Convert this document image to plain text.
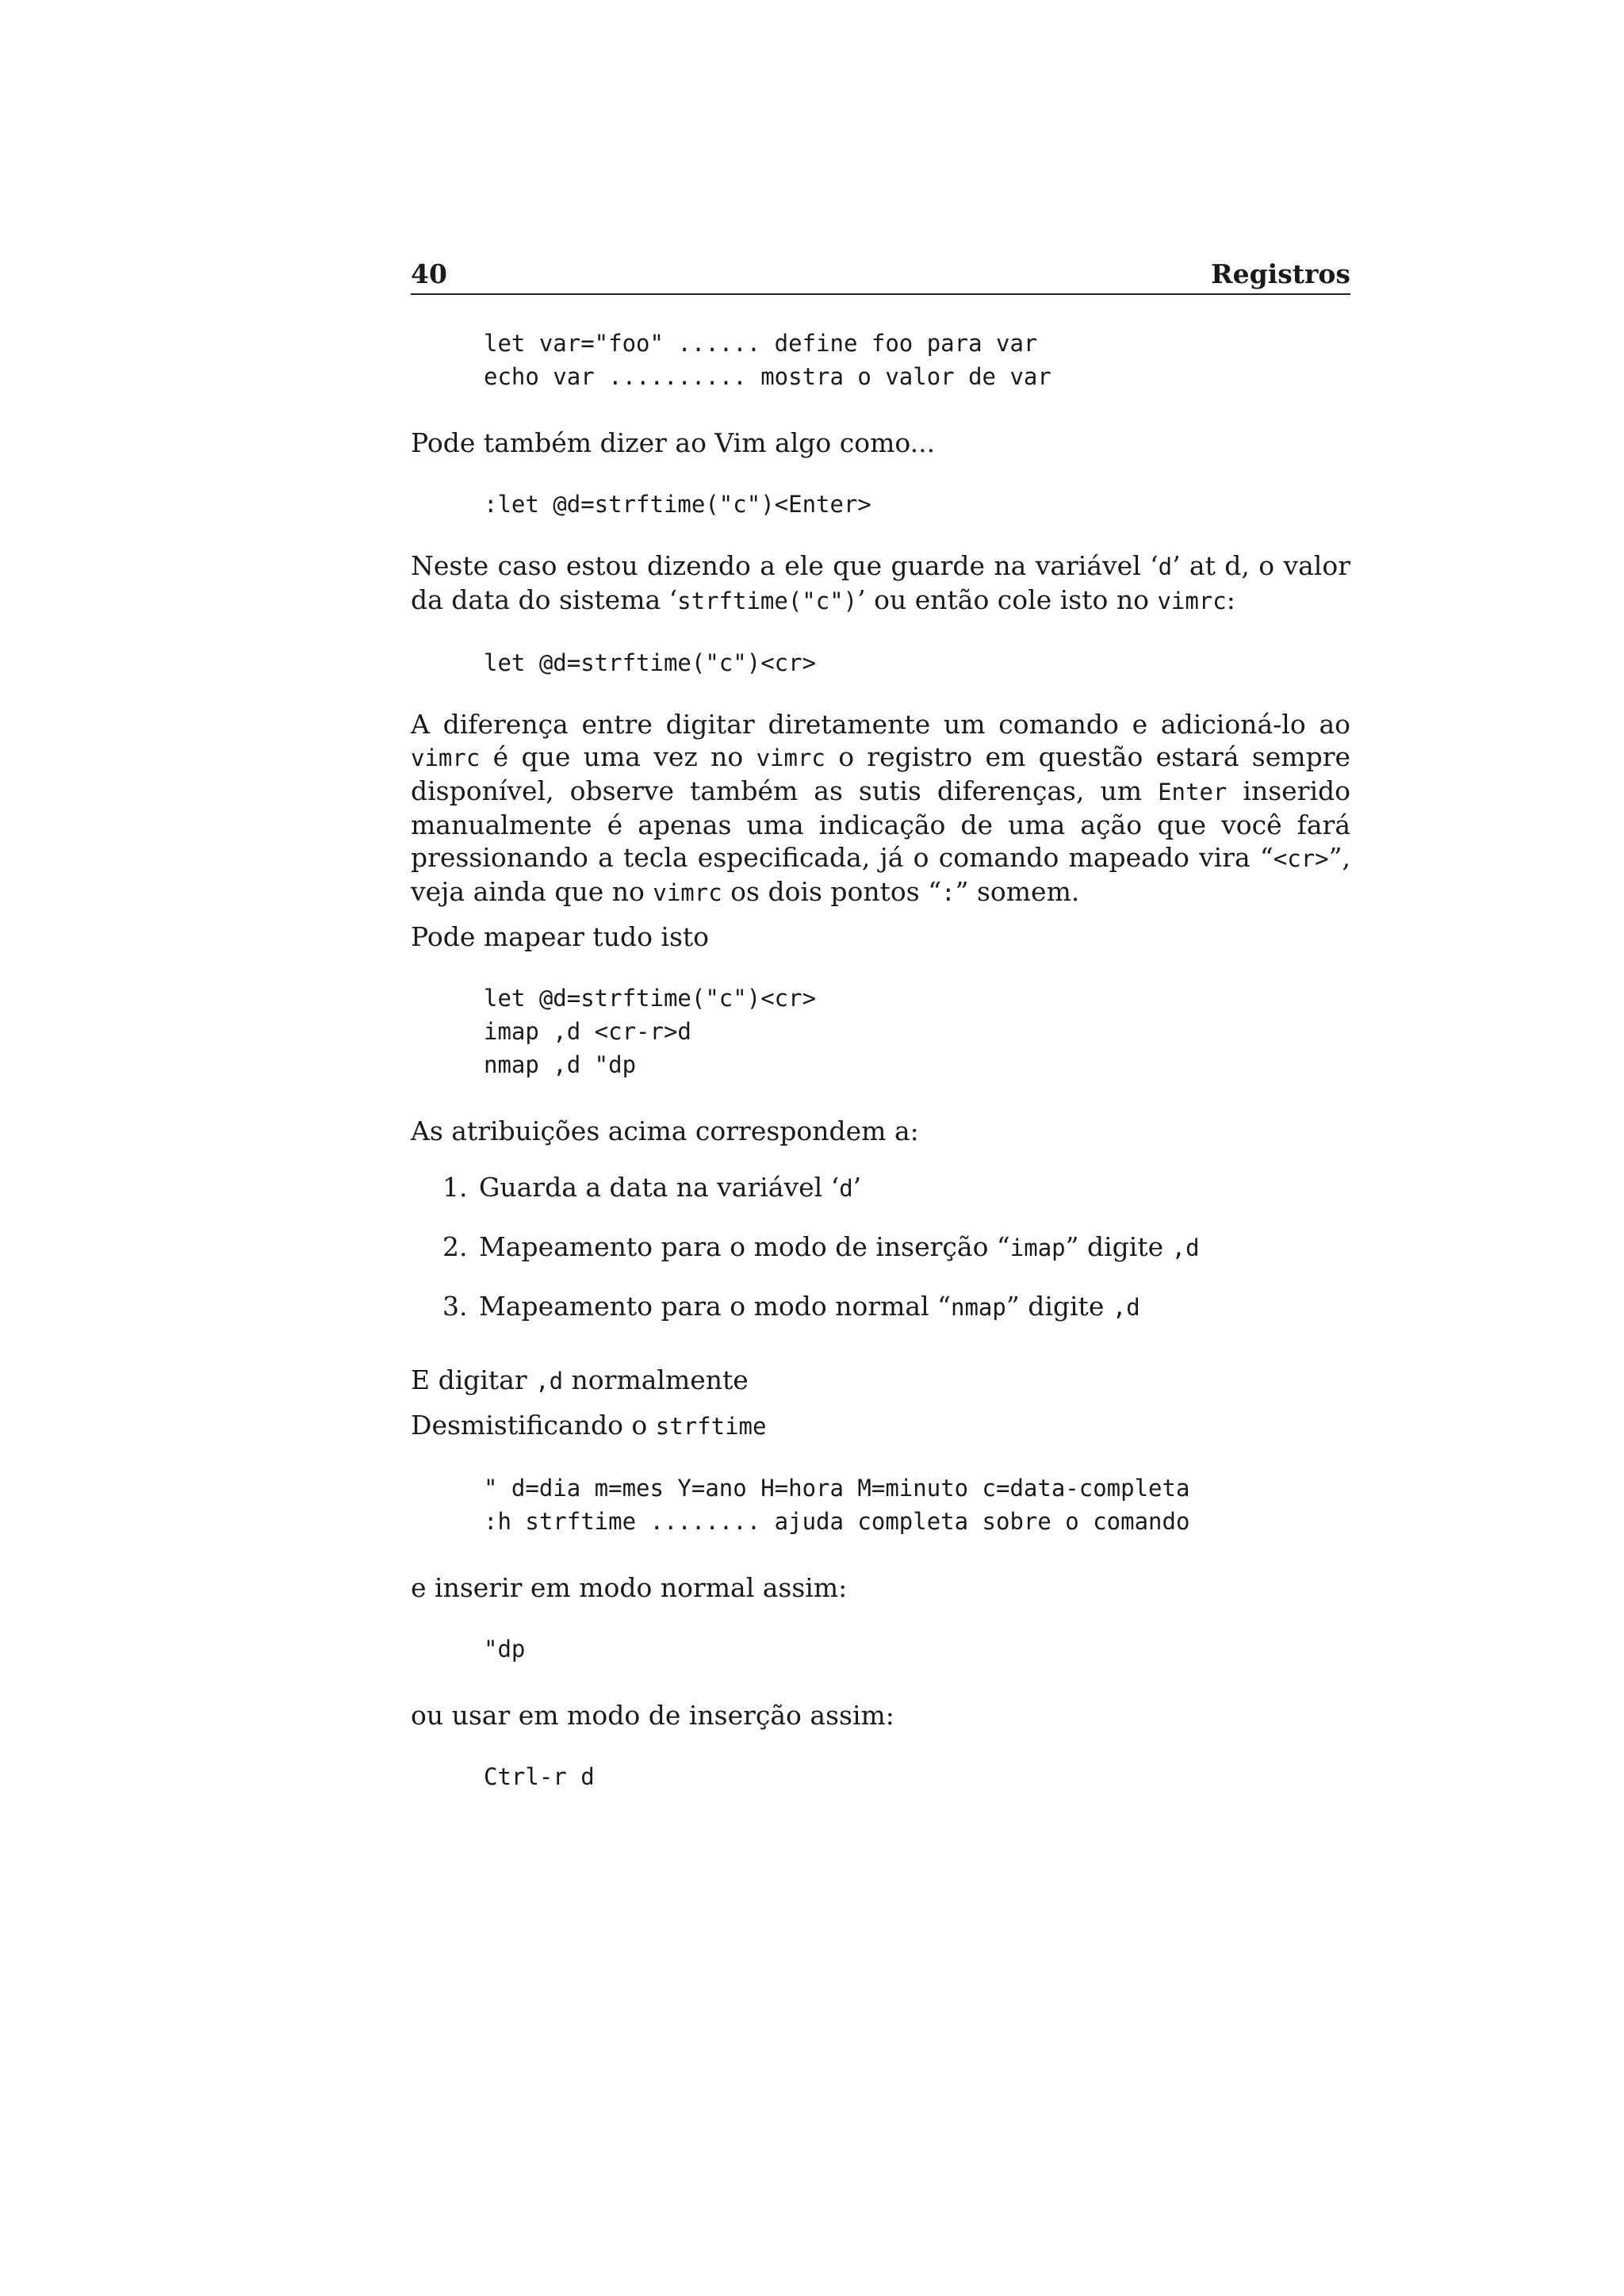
40	Registros
let var="foo" ...... define foo para var
echo var .......... mostra o valor de var

Pode também dizer ao Vim algo como...

:let @d=strftime("c")<Enter>

Neste caso estou dizendo a ele que guarde na variável ‘d’ at d, o valor da data do sistema ‘strftime("c")’ ou então cole isto no vimrc:

let @d=strftime("c")<cr>

A diferença entre digitar diretamente um comando e adicioná-lo ao vimrc é que uma vez no vimrc o registro em questão estará sempre disponível, observe também as sutis diferenças, um Enter inserido manualmente é apenas uma indicação de uma ação que você fará pressionando a tecla especificada, já o comando mapeado vira “<cr>”, veja ainda que no vimrc os dois pontos “:” somem.

Pode mapear tudo isto

let @d=strftime("c")<cr>
imap ,d <cr-r>d
nmap ,d "dp

As atribuições acima correspondem a:

1. Guarda a data na variável ‘d’
2. Mapeamento para o modo de inserção “imap” digite ,d
3. Mapeamento para o modo normal “nmap” digite ,d

E digitar ,d normalmente

Desmistificando o strftime

" d=dia m=mes Y=ano H=hora M=minuto c=data-completa
:h strftime ........ ajuda completa sobre o comando

e inserir em modo normal assim:

"dp

ou usar em modo de inserção assim:

Ctrl-r d
